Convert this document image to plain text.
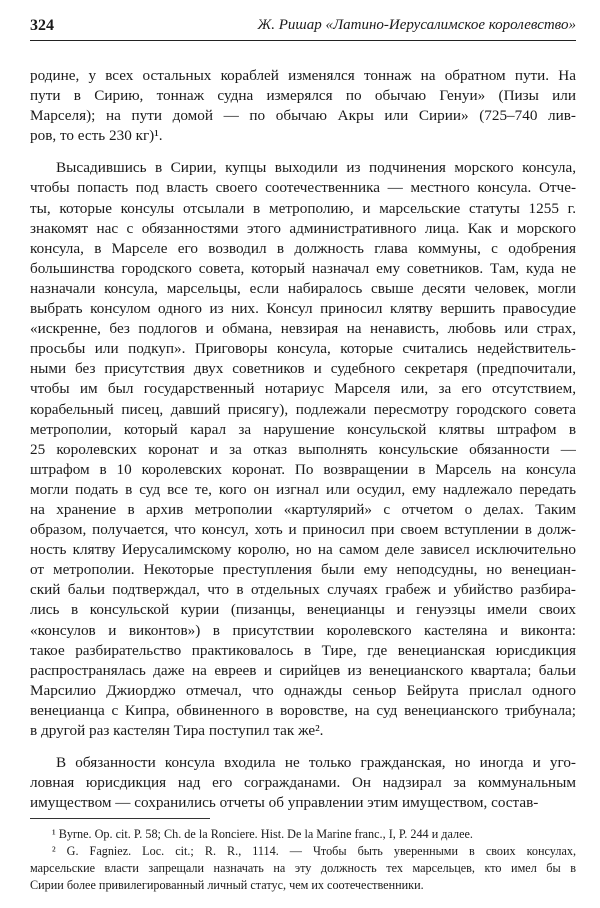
324	Ж. Ришар «Латино-Иерусалимское королевство»
родине, у всех остальных кораблей изменялся тоннаж на обратном пути. На
пути в Сирию, тоннаж судна измерялся по обычаю Генуи» (Пизы или
Марселя); на пути домой — по обычаю Акры или Сирии» (725–740 лив-
ров, то есть 230 кг)¹.
Высадившись в Сирии, купцы выходили из подчинения морского консула,
чтобы попасть под власть своего соотечественника — местного консула. Отче-
ты, которые консулы отсылали в метрополию, и марсельские статуты 1255 г.
знакомят нас с обязанностями этого административного лица. Как и морского
консула, в Марселе его возводил в должность глава коммуны, с одобрения
большинства городского совета, который назначал ему советников. Там, куда не
назначали консула, марсельцы, если набиралось свыше десяти человек, могли
выбрать консулом одного из них. Консул приносил клятву вершить правосудие
«искренне, без подлогов и обмана, невзирая на ненависть, любовь или страх,
просьбы или подкуп». Приговоры консула, которые считались недействитель-
ными без присутствия двух советников и судебного секретаря (предпочитали,
чтобы им был государственный нотариус Марселя или, за его отсутствием,
корабельный писец, давший присягу), подлежали пересмотру городского совета
метрополии, который карал за нарушение консульской клятвы штрафом в
25 королевских коронат и за отказ выполнять консульские обязанности —
штрафом в 10 королевских коронат. По возвращении в Марсель на консула
могли подать в суд все те, кого он изгнал или осудил, ему надлежало передать
на хранение в архив метрополии «картулярий» с отчетом о делах. Таким
образом, получается, что консул, хоть и приносил при своем вступлении в долж-
ность клятву Иерусалимскому королю, но на самом деле зависел исключительно
от метрополии. Некоторые преступления были ему неподсудны, но венециан-
ский бальи подтверждал, что в отдельных случаях грабеж и убийство разбира-
лись в консульской курии (пизанцы, венецианцы и генуэзцы имели своих
«консулов и виконтов») в присутствии королевского кастеляна и виконта:
такое разбирательство практиковалось в Тире, где венецианская юрисдикция
распространялась даже на евреев и сирийцев из венецианского квартала; бальи
Марсилио Джиорджо отмечал, что однажды сеньор Бейрута прислал одного
венецианца с Кипра, обвиненного в воровстве, на суд венецианского трибунала;
в другой раз кастелян Тира поступил так же².
В обязанности консула входила не только гражданская, но иногда и уго-
ловная юрисдикция над его согражданами. Он надзирал за коммунальным
имуществом — сохранились отчеты об управлении этим имуществом, состав-
¹ Byrne. Op. cit. P. 58; Ch. de la Ronciere. Hist. De la Marine franc., I, P. 244 и далее.
² G. Fagniez. Loc. cit.; R. R., 1114. — Чтобы быть уверенными в своих консулах,
марсельские власти запрещали назначать на эту должность тех марсельцев, кто имел бы в
Сирии более привилегированный личный статус, чем их соотечественники.
